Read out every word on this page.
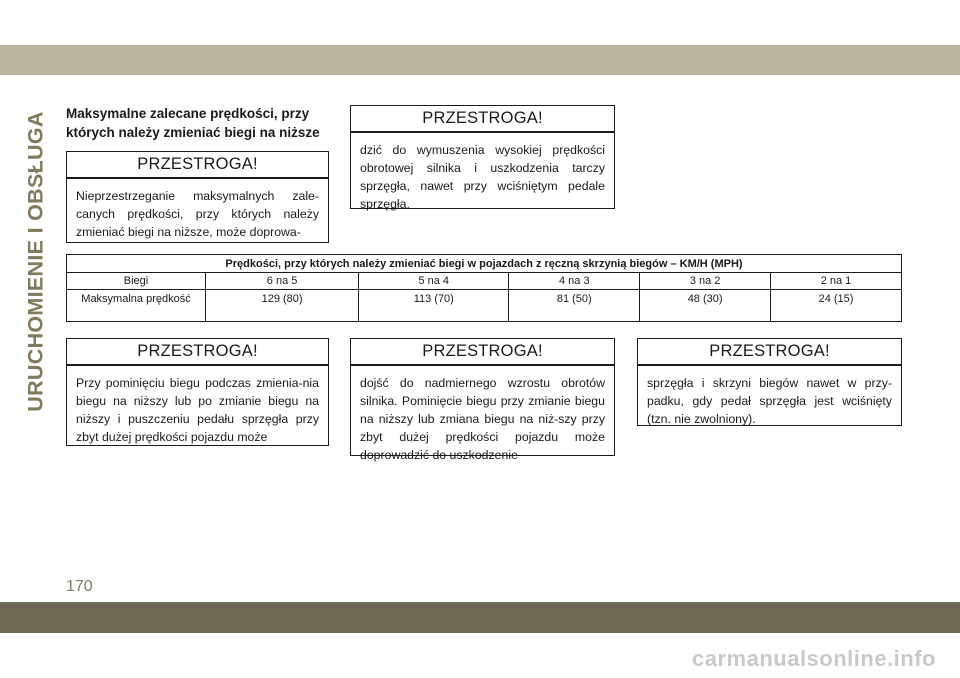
URUCHOMIENIE I OBSŁUGA Maksymalne zalecane prędkości, przy których należy zmieniać biegi na niższe
PRZESTROGA!
Nieprzestrzeganie maksymalnych zale-canych prędkości, przy których należy zmieniać biegi na niższe, może doprowa-
PRZESTROGA!
dzić do wymuszenia wysokiej prędkości obrotowej silnika i uszkodzenia tarczy sprzęgła, nawet przy wciśniętym pedale sprzęgła.
Prędkości, przy których należy zmieniać biegi w pojazdach z ręczną skrzynią biegów – KM/H (MPH)					
Biegi	6 na 5	5 na 4	4 na 3	3 na 2	2 na 1
Maksymalna prędkość	129 (80)	113 (70)	81 (50)	48 (30)	24 (15)
PRZESTROGA!
Przy pominięciu biegu podczas zmienia-nia biegu na niższy lub po zmianie biegu na niższy i puszczeniu pedału sprzęgła przy zbyt dużej prędkości pojazdu może
PRZESTROGA!
dojść do nadmiernego wzrostu obrotów silnika. Pominięcie biegu przy zmianie biegu na niższy lub zmiana biegu na niż-szy przy zbyt dużej prędkości pojazdu może doprowadzić do uszkodzenie
PRZESTROGA!
sprzęgła i skrzyni biegów nawet w przy-padku, gdy pedał sprzęgła jest wciśnięty (tzn. nie zwolniony).
170
carmanualsonline.info
